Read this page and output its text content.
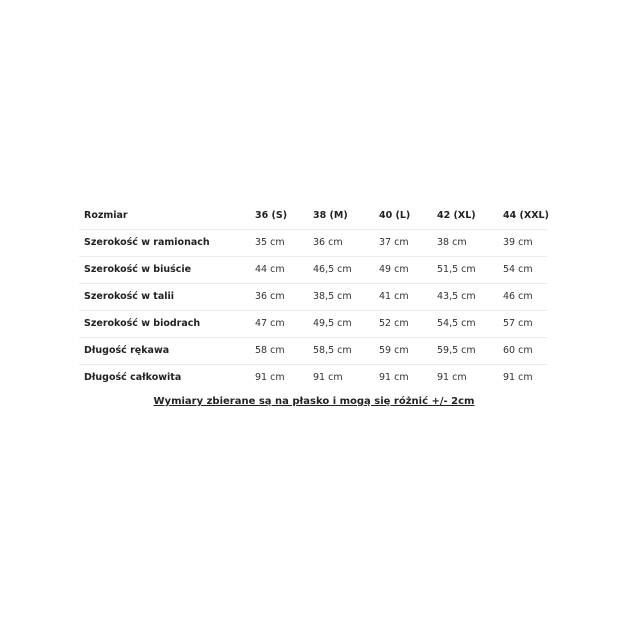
Rozmiar	36 (S)	38 (M)	40 (L)	42 (XL)	44 (XXL)
Szerokość w ramionach	35 cm	36 cm	37 cm	38 cm	39 cm
Szerokość w biuście	44 cm	46,5 cm	49 cm	51,5 cm	54 cm
Szerokość w talii	36 cm	38,5 cm	41 cm	43,5 cm	46 cm
Szerokość w biodrach	47 cm	49,5 cm	52 cm	54,5 cm	57 cm
Długość rękawa	58 cm	58,5 cm	59 cm	59,5 cm	60 cm
Długość całkowita	91 cm	91 cm	91 cm	91 cm	91 cm
Wymiary zbierane są na płasko i mogą się różnić +/- 2cm
